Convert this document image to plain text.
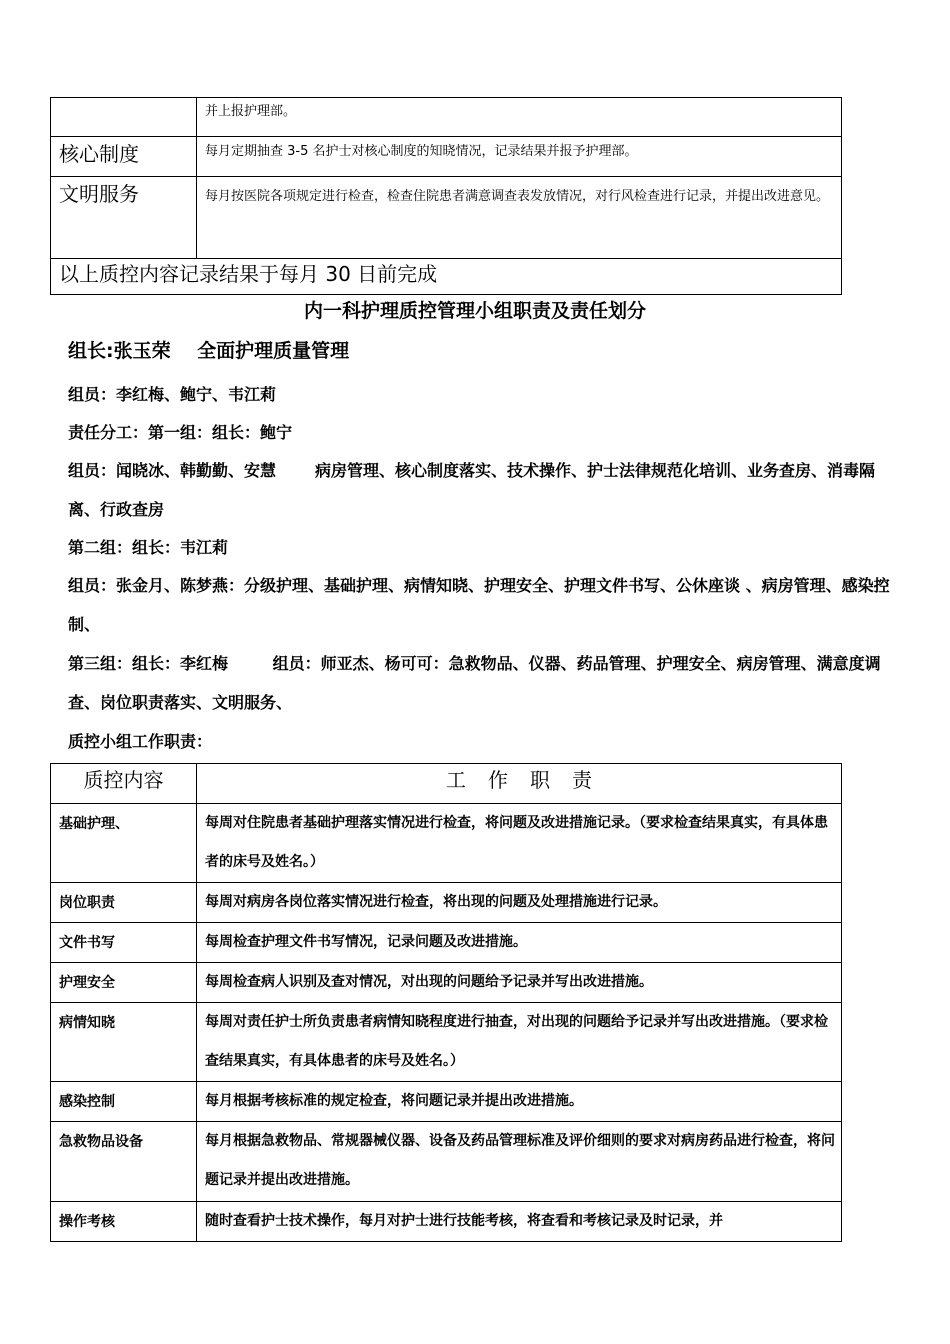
	并上报护理部。
核心制度	每月定期抽查 3-5 名护士对核心制度的知晓情况，记录结果并报予护理部。
文明服务	每月按医院各项规定进行检查，检查住院患者满意调查表发放情况，对行风检查进行记录，并提出改进意见。
以上质控内容记录结果于每月 30 日前完成	
内一科护理质控管理小组职责及责任划分
组长:张玉荣 全面护理质量管理
组员：李红梅、鲍宁、韦江莉
责任分工：第一组：组长：鲍宁
组员：闻晓冰、韩勤勤、安慧 病房管理、核心制度落实、技术操作、护士法律规范化培训、业务查房、消毒隔离、行政查房
第二组：组长：韦江莉
组员：张金月、陈梦燕：分级护理、基础护理、病情知晓、护理安全、护理文件书写、公休座谈 、病房管理、感染控制、
第三组：组长：李红梅	组员：师亚杰、杨可可：急救物品、仪器、药品管理、护理安全、病房管理、满意度调查、岗位职责落实、文明服务、
质控小组工作职责：
质控内容	工作职责
基础护理、	每周对住院患者基础护理落实情况进行检查，将问题及改进措施记录。（要求检查结果真实，有具体患者的床号及姓名。）
岗位职责	每周对病房各岗位落实情况进行检查，将出现的问题及处理措施进行记录。
文件书写	每周检查护理文件书写情况，记录问题及改进措施。
护理安全	每周检查病人识别及查对情况，对出现的问题给予记录并写出改进措施。
病情知晓	每周对责任护士所负责患者病情知晓程度进行抽查，对出现的问题给予记录并写出改进措施。（要求检查结果真实，有具体患者的床号及姓名。）
感染控制	每月根据考核标准的规定检查，将问题记录并提出改进措施。
急救物品设备	每月根据急救物品、常规器械仪器、设备及药品管理标准及评价细则的要求对病房药品进行检查，将问题记录并提出改进措施。
操作考核	随时查看护士技术操作，每月对护士进行技能考核，将查看和考核记录及时记录，并
